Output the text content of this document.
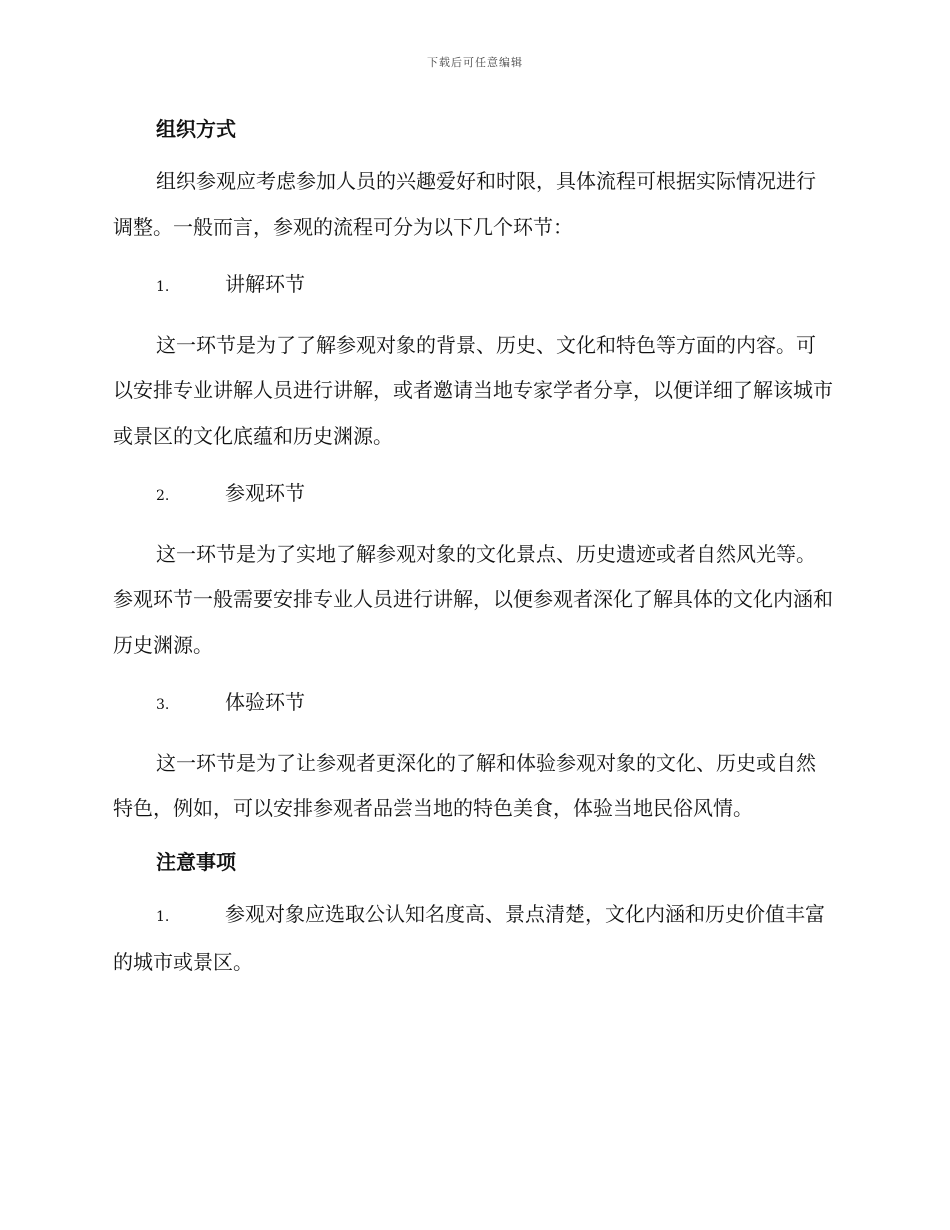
下载后可任意编辑
组织方式

组织参观应考虑参加人员的兴趣爱好和时限，具体流程可根据实际情况进行调整。一般而言，参观的流程可分为以下几个环节：

1.	讲解环节

这一环节是为了了解参观对象的背景、历史、文化和特色等方面的内容。可以安排专业讲解人员进行讲解，或者邀请当地专家学者分享，以便详细了解该城市或景区的文化底蕴和历史渊源。

2.	参观环节

这一环节是为了实地了解参观对象的文化景点、历史遗迹或者自然风光等。参观环节一般需要安排专业人员进行讲解，以便参观者深化了解具体的文化内涵和历史渊源。

3.	体验环节

这一环节是为了让参观者更深化的了解和体验参观对象的文化、历史或自然特色，例如，可以安排参观者品尝当地的特色美食，体验当地民俗风情。

注意事项

1.	参观对象应选取公认知名度高、景点清楚，文化内涵和历史价值丰富的城市或景区。
